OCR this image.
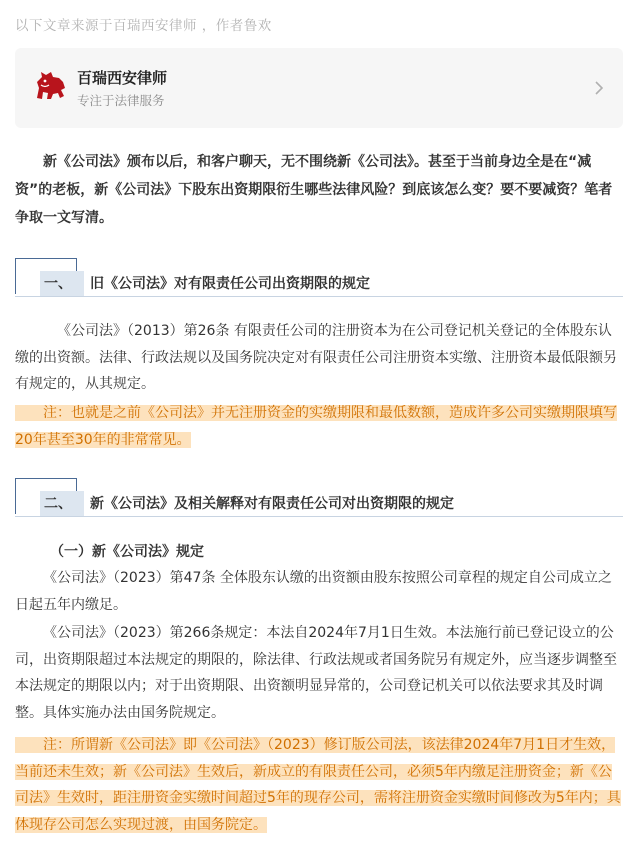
以下文章来源于百瑞西安律师 ，作者鲁欢
百瑞西安律师
专注于法律服务
新《公司法》颁布以后，和客户聊天，无不围绕新《公司法》。甚至于当前身边全是在“减资”的老板，新《公司法》下股东出资期限衍生哪些法律风险？到底该怎么变？要不要减资？笔者争取一文写清。
一、	旧《公司法》对有限责任公司出资期限的规定
《公司法》（2013）第26条 有限责任公司的注册资本为在公司登记机关登记的全体股东认缴的出资额。法律、行政法规以及国务院决定对有限责任公司注册资本实缴、注册资本最低限额另有规定的，从其规定。
注：也就是之前《公司法》并无注册资金的实缴期限和最低数额，造成许多公司实缴期限填写20年甚至30年的非常常见。
二、	新《公司法》及相关解释对有限责任公司对出资期限的规定
（一）新《公司法》规定
《公司法》（2023）第47条 全体股东认缴的出资额由股东按照公司章程的规定自公司成立之日起五年内缴足。
《公司法》（2023）第266条规定：本法自2024年7月1日生效。本法施行前已登记设立的公司，出资期限超过本法规定的期限的，除法律、行政法规或者国务院另有规定外，应当逐步调整至本法规定的期限以内；对于出资期限、出资额明显异常的，公司登记机关可以依法要求其及时调整。具体实施办法由国务院规定。
注：所谓新《公司法》即《公司法》（2023）修订版公司法，该法律2024年7月1日才生效，当前还未生效；新《公司法》生效后，新成立的有限责任公司，必须5年内缴足注册资金；新《公司法》生效时，距注册资金实缴时间超过5年的现存公司，需将注册资金实缴时间修改为5年内；具体现存公司怎么实现过渡，由国务院定。
